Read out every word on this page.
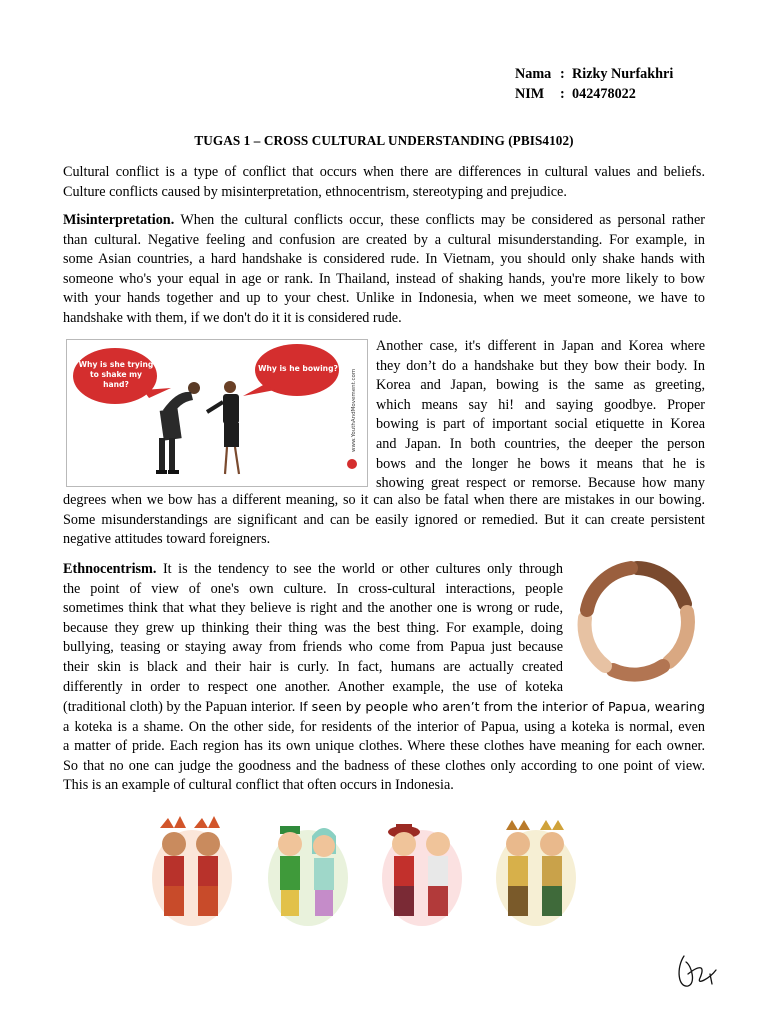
Nama : Rizky Nurfakhri
NIM	: 042478022
TUGAS 1 – CROSS CULTURAL UNDERSTANDING (PBIS4102)
Cultural conflict is a type of conflict that occurs when there are differences in cultural values and beliefs.
Culture conflicts caused by misinterpretation, ethnocentrism, stereotyping and prejudice.
Misinterpretation. When the cultural conflicts occur, these conflicts may be considered as personal rather
than cultural. Negative feeling and confusion are created by a cultural misunderstanding. For example, in
some Asian countries, a hard handshake is considered rude. In Vietnam, you should only shake hands with
someone who's your equal in age or rank. In Thailand, instead of shaking hands, you're more likely to bow
with your hands together and up to your chest. Unlike in Indonesia, when we meet someone, we have to
handshake with them, if we don't do it it is considered rude.
Another case, it's different in Japan and Korea where
they don’t do a handshake but they bow their body. In
Korea and Japan, bowing is the same as greeting,
which means say hi! and saying goodbye. Proper
bowing is part of important social etiquette in Korea
and Japan. In both countries, the deeper the person
bows and the longer he bows it means that he is
showing great respect or remorse. Because how many
degrees when we bow has a different meaning, so it can also be fatal when there are mistakes in our bowing.
Some misunderstandings are significant and can be easily ignored or remedied. But it can create persistent
negative attitudes toward foreigners.
Why is she trying to shake my hand?
Why is he bowing?
www.YouthAndMovement.com
Ethnocentrism. It is the tendency to see the world or other cultures only through
the point of view of one's own culture. In cross-cultural interactions, people
sometimes think that what they believe is right and the another one is wrong or rude,
because they grew up thinking their thing was the best thing. For example, doing
bullying, teasing or staying away from friends who come from Papua just because
their skin is black and their hair is curly. In fact, humans are actually created
differently in order to respect one another. Another example, the use of koteka
(traditional cloth) by the Papuan interior. If seen by people who aren’t from the interior of Papua, wearing
a koteka is a shame. On the other side, for residents of the interior of Papua, using a koteka is normal, even
a matter of pride. Each region has its own unique clothes. Where these clothes have meaning for each owner.
So that no one can judge the goodness and the badness of these clothes only according to one point of view.
This is an example of cultural conflict that often occurs in Indonesia.
